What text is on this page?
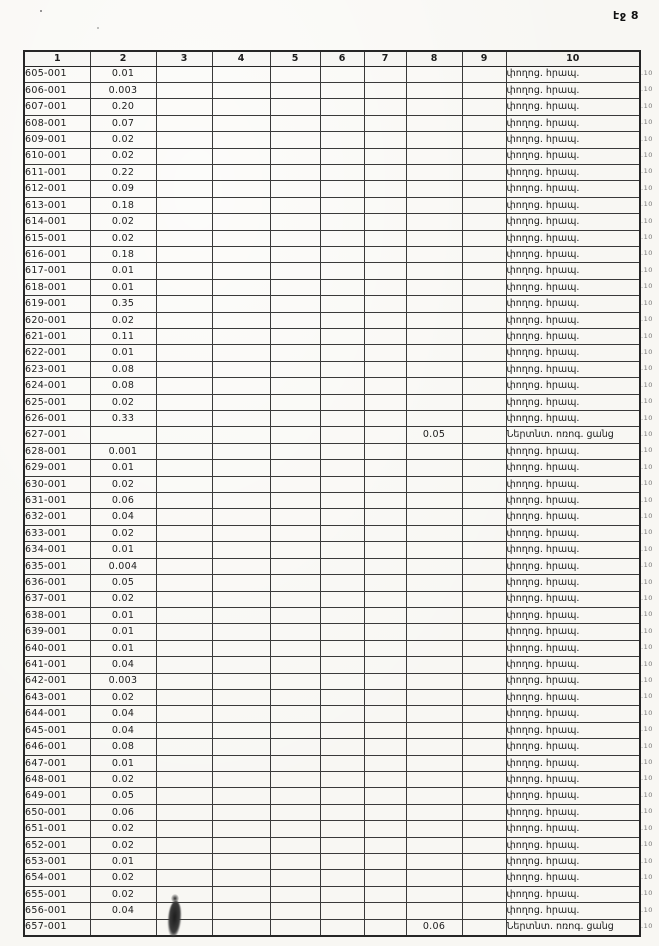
էջ 8
1	2	3	4	5	6	7	8	9	10
605-001	0.01								փողոց. հրապ.
606-001	0.003								փողոց. հրապ.
607-001	0.20								փողոց. հրապ.
608-001	0.07								փողոց. հրապ.
609-001	0.02								փողոց. հրապ.
610-001	0.02								փողոց. հրապ.
611-001	0.22								փողոց. հրապ.
612-001	0.09								փողոց. հրապ.
613-001	0.18								փողոց. հրապ.
614-001	0.02								փողոց. հրապ.
615-001	0.02								փողոց. հրապ.
616-001	0.18								փողոց. հրապ.
617-001	0.01								փողոց. հրապ.
618-001	0.01								փողոց. հրապ.
619-001	0.35								փողոց. հրապ.
620-001	0.02								փողոց. հրապ.
621-001	0.11								փողոց. հրապ.
622-001	0.01								փողոց. հրապ.
623-001	0.08								փողոց. հրապ.
624-001	0.08								փողոց. հրապ.
625-001	0.02								փողոց. հրապ.
626-001	0.33								փողոց. հրապ.
627-001							0.05		Ներտնտ. ոռոգ. ցանց
628-001	0.001								փողոց. հրապ.
629-001	0.01								փողոց. հրապ.
630-001	0.02								փողոց. հրապ.
631-001	0.06								փողոց. հրապ.
632-001	0.04								փողոց. հրապ.
633-001	0.02								փողոց. հրապ.
634-001	0.01								փողոց. հրապ.
635-001	0.004								փողոց. հրապ.
636-001	0.05								փողոց. հրապ.
637-001	0.02								փողոց. հրապ.
638-001	0.01								փողոց. հրապ.
639-001	0.01								փողոց. հրապ.
640-001	0.01								փողոց. հրապ.
641-001	0.04								փողոց. հրապ.
642-001	0.003								փողոց. հրապ.
643-001	0.02								փողոց. հրապ.
644-001	0.04								փողոց. հրապ.
645-001	0.04								փողոց. հրապ.
646-001	0.08								փողոց. հրապ.
647-001	0.01								փողոց. հրապ.
648-001	0.02								փողոց. հրապ.
649-001	0.05								փողոց. հրապ.
650-001	0.06								փողոց. հրապ.
651-001	0.02								փողոց. հրապ.
652-001	0.02								փողոց. հրապ.
653-001	0.01								փողոց. հրապ.
654-001	0.02								փողոց. հրապ.
655-001	0.02								փողոց. հրապ.
656-001	0.04								փողոց. հրապ.
657-001							0.06		Ներտնտ. ոռոգ. ցանց
.10
.10
.10
.10
.10
.10
.10
.10
.10
.10
.10
.10
.10
.10
.10
.10
.10
.10
.10
.10
.10
.10
.10
.10
.10
.10
.10
.10
.10
.10
.10
.10
.10
.10
.10
.10
.10
.10
.10
.10
.10
.10
.10
.10
.10
.10
.10
.10
.10
.10
.10
.10
.10
